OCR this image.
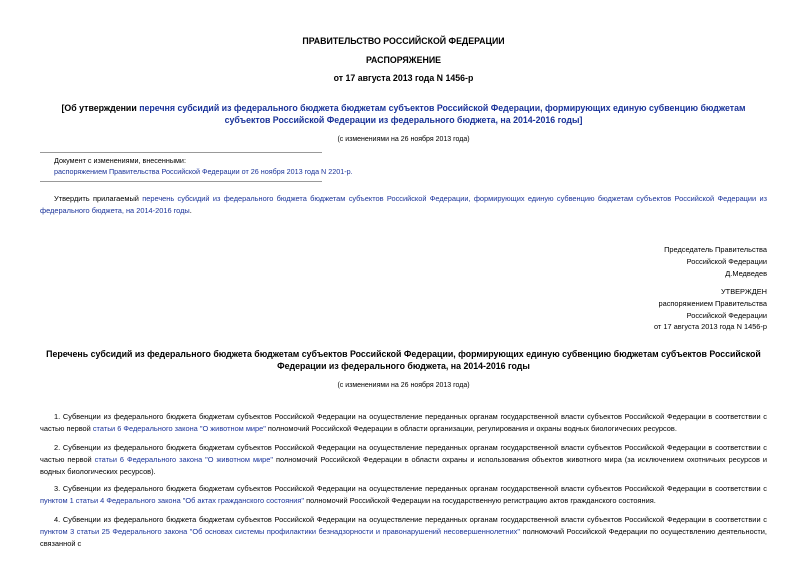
ПРАВИТЕЛЬСТВО РОССИЙСКОЙ ФЕДЕРАЦИИ
РАСПОРЯЖЕНИЕ
от 17 августа 2013 года N 1456-р
[Об утверждении перечня субсидий из федерального бюджета бюджетам субъектов Российской Федерации, формирующих единую субвенцию бюджетам субъектов Российской Федерации из федерального бюджета, на 2014-2016 годы]
(с изменениями на 26 ноября 2013 года)
Документ с изменениями, внесенными:
распоряжением Правительства Российской Федерации от 26 ноября 2013 года N 2201-р.
Утвердить прилагаемый перечень субсидий из федерального бюджета бюджетам субъектов Российской Федерации, формирующих единую субвенцию бюджетам субъектов Российской Федерации из федерального бюджета, на 2014-2016 годы.
Председатель Правительства
Российской Федерации
Д.Медведев
УТВЕРЖДЕН
распоряжением Правительства
Российской Федерации
от 17 августа 2013 года N 1456-р
Перечень субсидий из федерального бюджета бюджетам субъектов Российской Федерации, формирующих единую субвенцию бюджетам субъектов Российской Федерации из федерального бюджета, на 2014-2016 годы
(с изменениями на 26 ноября 2013 года)
1. Субвенции из федерального бюджета бюджетам субъектов Российской Федерации на осуществление переданных органам государственной власти субъектов Российской Федерации в соответствии с частью первой статьи 6 Федерального закона "О животном мире" полномочий Российской Федерации в области организации, регулирования и охраны водных биологических ресурсов.
2. Субвенции из федерального бюджета бюджетам субъектов Российской Федерации на осуществление переданных органам государственной власти субъектов Российской Федерации в соответствии с частью первой статьи 6 Федерального закона "О животном мире" полномочий Российской Федерации в области охраны и использования объектов животного мира (за исключением охотничьих ресурсов и водных биологических ресурсов).
3. Субвенции из федерального бюджета бюджетам субъектов Российской Федерации на осуществление переданных органам государственной власти субъектов Российской Федерации в соответствии с пунктом 1 статьи 4 Федерального закона "Об актах гражданского состояния" полномочий Российской Федерации на государственную регистрацию актов гражданского состояния.
4. Субвенции из федерального бюджета бюджетам субъектов Российской Федерации на осуществление переданных органам государственной власти субъектов Российской Федерации в соответствии с пунктом 3 статьи 25 Федерального закона "Об основах системы профилактики безнадзорности и правонарушений несовершеннолетних" полномочий Российской Федерации по осуществлению деятельности, связанной с
